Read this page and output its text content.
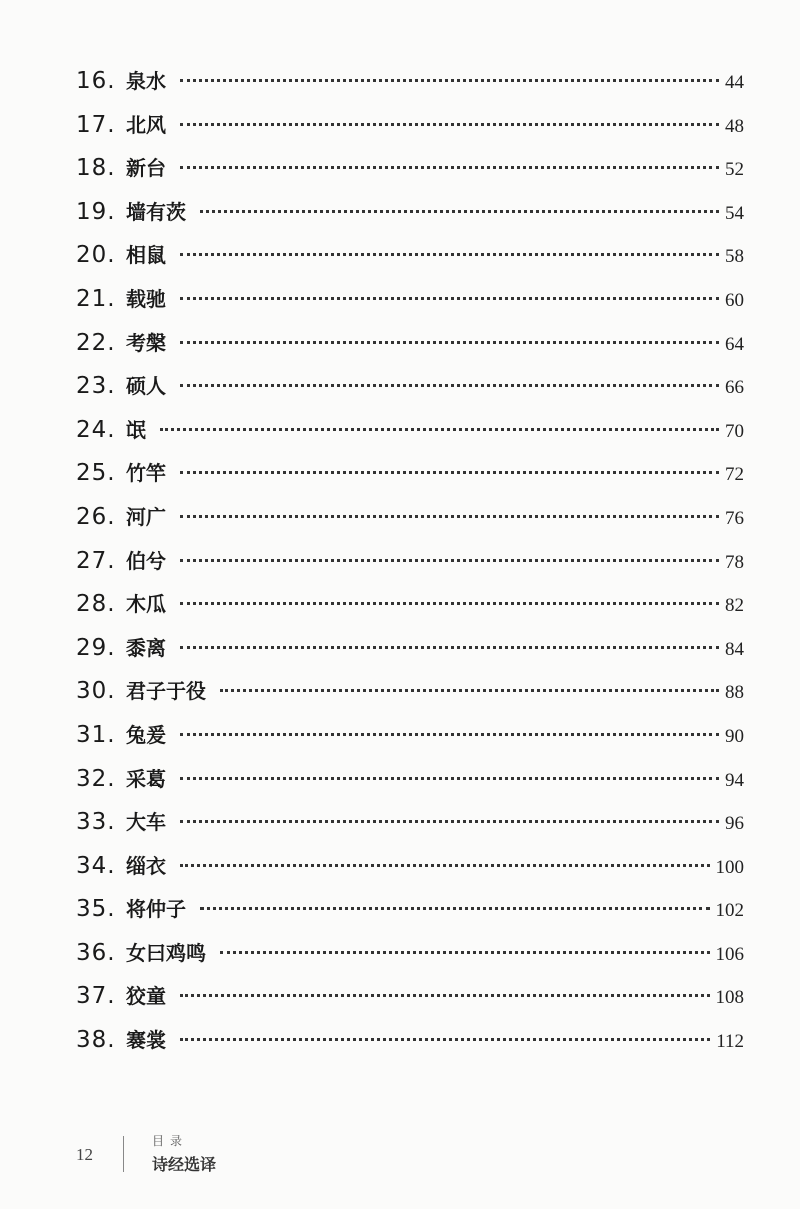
16. 泉水	44
17. 北风	48
18. 新台	52
19. 墙有茨	54
20. 相鼠	58
21. 载驰	60
22. 考槃	64
23. 硕人	66
24. 氓	70
25. 竹竿	72
26. 河广	76
27. 伯兮	78
28. 木瓜	82
29. 黍离	84
30. 君子于役	88
31. 兔爰	90
32. 采葛	94
33. 大车	96
34. 缁衣	100
35. 将仲子	102
36. 女曰鸡鸣	106
37. 狡童	108
38. 褰裳	112
12
目录
诗经选译
